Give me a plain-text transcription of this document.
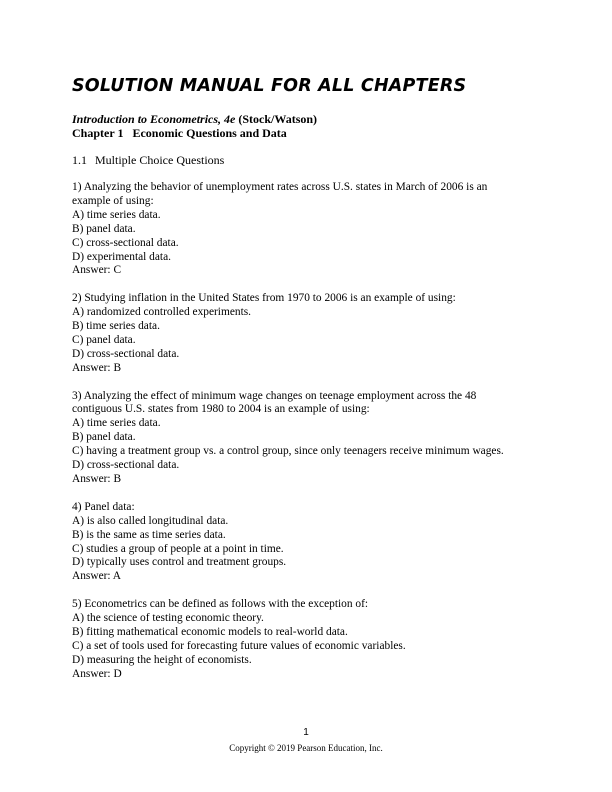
SOLUTION MANUAL FOR ALL CHAPTERS
Introduction to Econometrics, 4e (Stock/Watson)
Chapter 1 Economic Questions and Data
1.1 Multiple Choice Questions
1) Analyzing the behavior of unemployment rates across U.S. states in March of 2006 is an
example of using:
A) time series data.
B) panel data.
C) cross-sectional data.
D) experimental data.
Answer: C
2) Studying inflation in the United States from 1970 to 2006 is an example of using:
A) randomized controlled experiments.
B) time series data.
C) panel data.
D) cross-sectional data.
Answer: B
3) Analyzing the effect of minimum wage changes on teenage employment across the 48
contiguous U.S. states from 1980 to 2004 is an example of using:
A) time series data.
B) panel data.
C) having a treatment group vs. a control group, since only teenagers receive minimum wages.
D) cross-sectional data.
Answer: B
4) Panel data:
A) is also called longitudinal data.
B) is the same as time series data.
C) studies a group of people at a point in time.
D) typically uses control and treatment groups.
Answer: A
5) Econometrics can be defined as follows with the exception of:
A) the science of testing economic theory.
B) fitting mathematical economic models to real-world data.
C) a set of tools used for forecasting future values of economic variables.
D) measuring the height of economists.
Answer: D
1
Copyright © 2019 Pearson Education, Inc.
